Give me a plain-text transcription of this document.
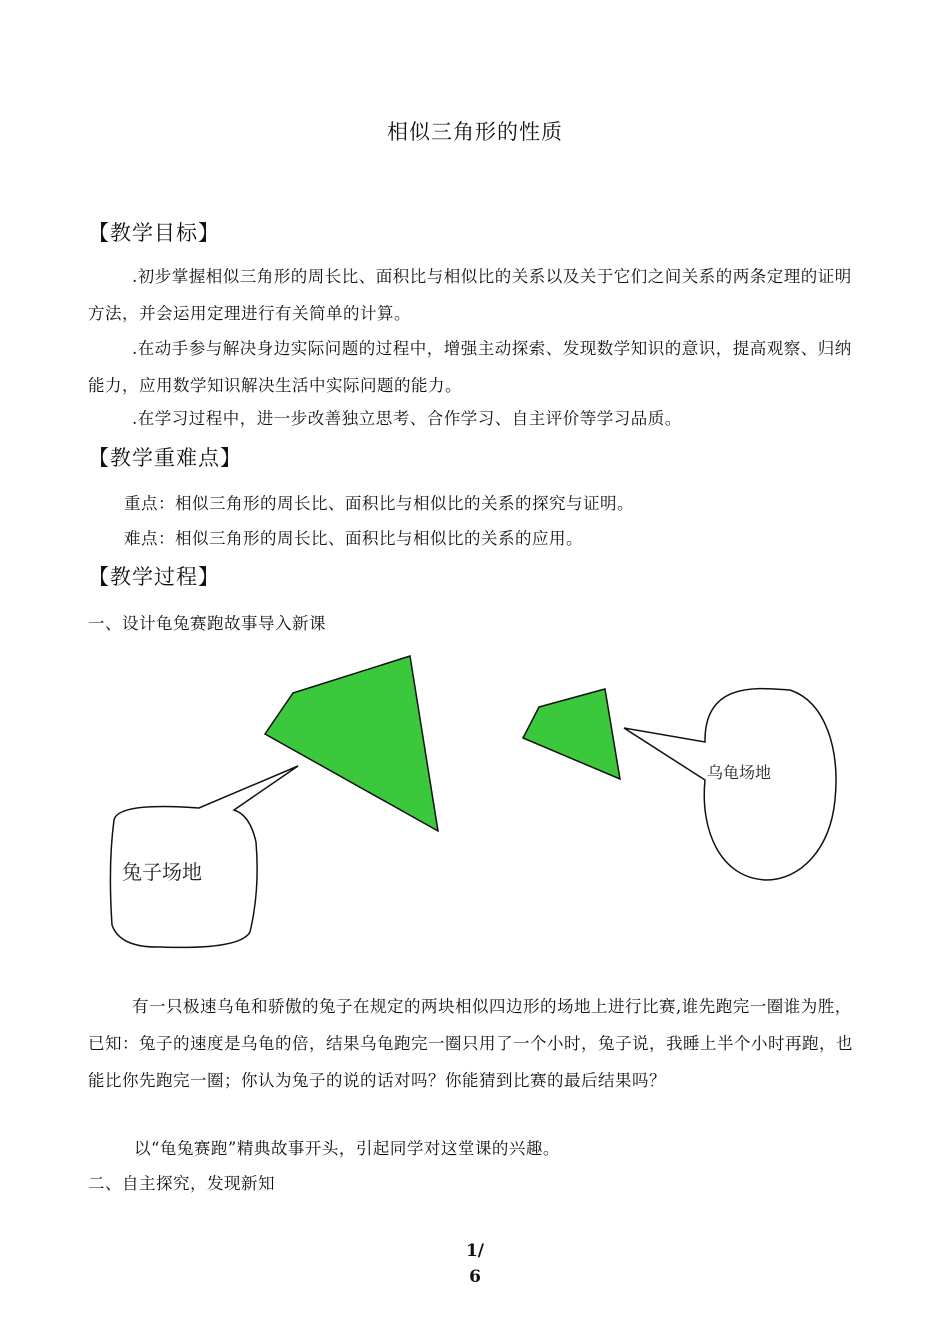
相似三角形的性质
【教学目标】
.初步掌握相似三角形的周长比、面积比与相似比的关系以及关于它们之间关系的两条定理的证明方法，并会运用定理进行有关简单的计算。
.在动手参与解决身边实际问题的过程中，增强主动探索、发现数学知识的意识，提高观察、归纳能力，应用数学知识解决生活中实际问题的能力。
.在学习过程中，进一步改善独立思考、合作学习、自主评价等学习品质。
【教学重难点】
重点：相似三角形的周长比、面积比与相似比的关系的探究与证明。
难点：相似三角形的周长比、面积比与相似比的关系的应用。
【教学过程】
一、设计龟兔赛跑故事导入新课
兔子场地
乌龟场地
有一只极速乌龟和骄傲的兔子在规定的两块相似四边形的场地上进行比赛,谁先跑完一圈谁为胜，已知：兔子的速度是乌龟的倍，结果乌龟跑完一圈只用了一个小时，兔子说，我睡上半个小时再跑，也能比你先跑完一圈；你认为兔子的说的话对吗？你能猜到比赛的最后结果吗？
以“龟兔赛跑”精典故事开头，引起同学对这堂课的兴趣。
二、自主探究，发现新知
1/
6
